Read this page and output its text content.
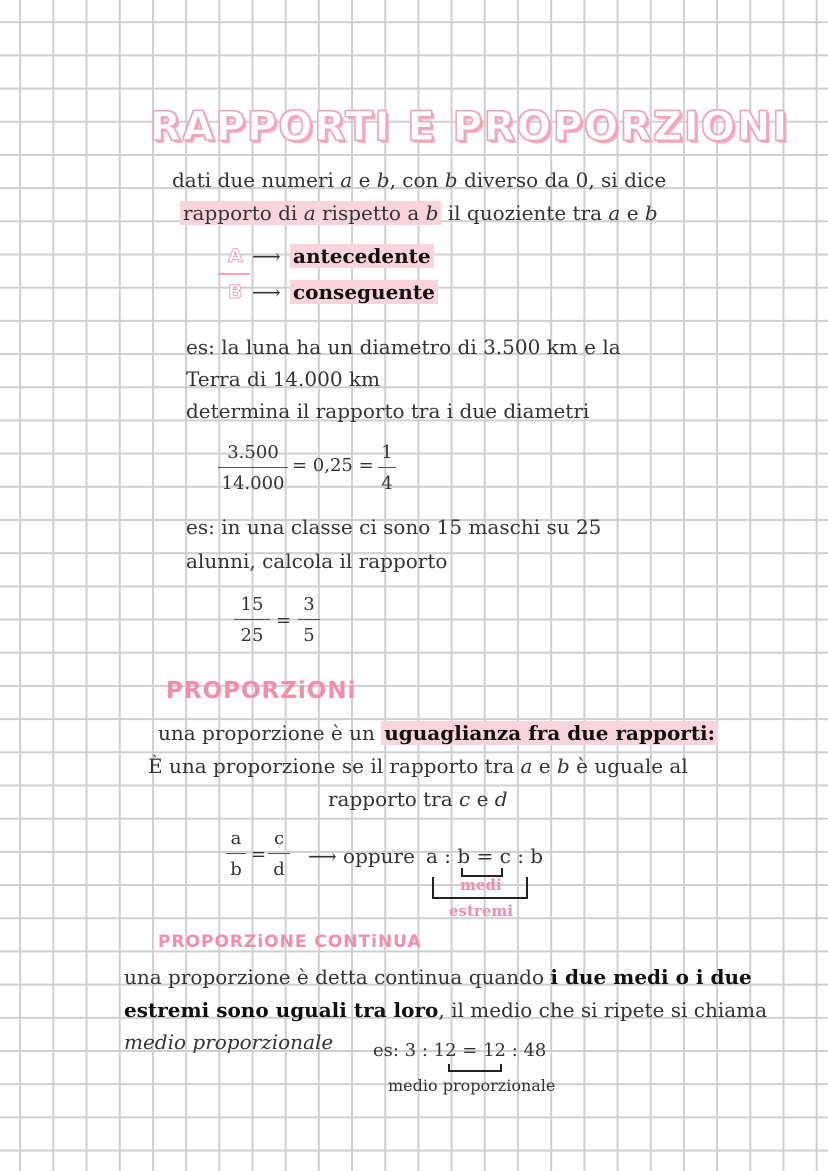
RAPPORTI E PROPORZIONI
dati due numeri a e b, con b diverso da 0, si dice
rapporto di a rispetto a b il quoziente tra a e b
A
B
⟶
⟶
antecedente
conseguente
es: la luna ha un diametro di 3.500 km e la
Terra di 14.000 km
determina il rapporto tra i due diametri
3.500
14.000
= 0,25 =
1
4
es: in una classe ci sono 15 maschi su 25
alunni, calcola il rapporto
15
25
=
3
5
PROPORZiONi
una proporzione è un uguaglianza fra due rapporti:
È una proporzione se il rapporto tra a e b è uguale al
rapporto tra c e d
a
b
=
c
d
⟶ oppure a : b = c : b
medi
estremi
PROPORZiONE CONTiNUA
una proporzione è detta continua quando i due medi o i due
estremi sono uguali tra loro, il medio che si ripete si chiama
medio proporzionale es: 3 : 12 = 12 : 48
medio proporzionale
